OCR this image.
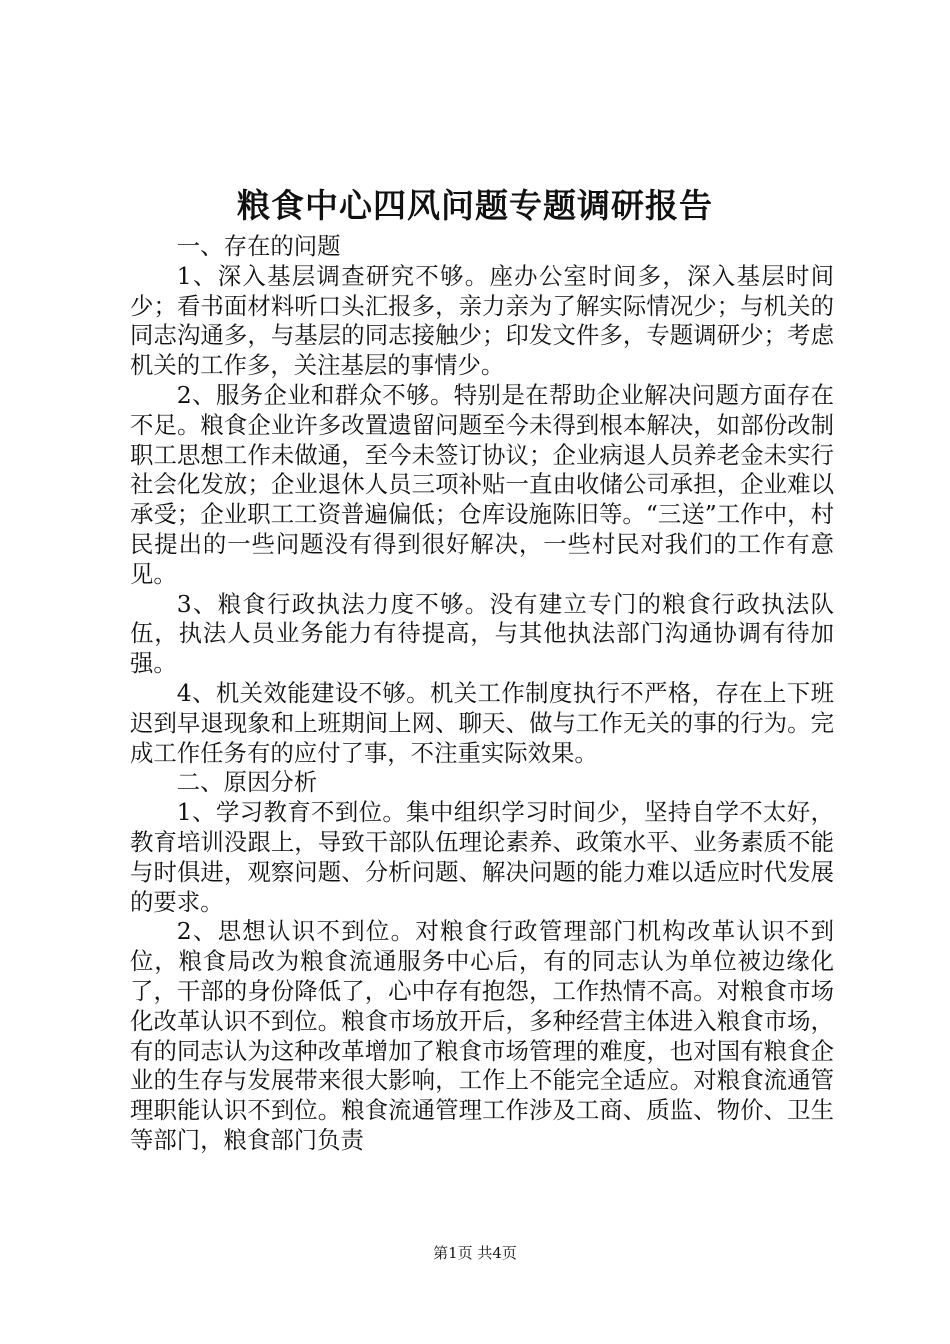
粮食中心四风问题专题调研报告

一、存在的问题

1、深入基层调查研究不够。座办公室时间多，深入基层时间少；看书面材料听口头汇报多，亲力亲为了解实际情况少；与机关的同志沟通多，与基层的同志接触少；印发文件多，专题调研少；考虑机关的工作多，关注基层的事情少。

2、服务企业和群众不够。特别是在帮助企业解决问题方面存在不足。粮食企业许多改置遗留问题至今未得到根本解决，如部份改制职工思想工作未做通，至今未签订协议；企业病退人员养老金未实行社会化发放；企业退休人员三项补贴一直由收储公司承担，企业难以承受；企业职工工资普遍偏低；仓库设施陈旧等。“三送”工作中，村民提出的一些问题没有得到很好解决，一些村民对我们的工作有意见。

3、粮食行政执法力度不够。没有建立专门的粮食行政执法队伍，执法人员业务能力有待提高，与其他执法部门沟通协调有待加强。

4、机关效能建设不够。机关工作制度执行不严格，存在上下班迟到早退现象和上班期间上网、聊天、做与工作无关的事的行为。完成工作任务有的应付了事，不注重实际效果。

二、原因分析

1、学习教育不到位。集中组织学习时间少，坚持自学不太好，教育培训没跟上，导致干部队伍理论素养、政策水平、业务素质不能与时俱进，观察问题、分析问题、解决问题的能力难以适应时代发展的要求。

2、思想认识不到位。对粮食行政管理部门机构改革认识不到位，粮食局改为粮食流通服务中心后，有的同志认为单位被边缘化了，干部的身份降低了，心中存有抱怨，工作热情不高。对粮食市场化改革认识不到位。粮食市场放开后，多种经营主体进入粮食市场，有的同志认为这种改革增加了粮食市场管理的难度，也对国有粮食企业的生存与发展带来很大影响，工作上不能完全适应。对粮食流通管理职能认识不到位。粮食流通管理工作涉及工商、质监、物价、卫生等部门，粮食部门负责

第1页 共4页
